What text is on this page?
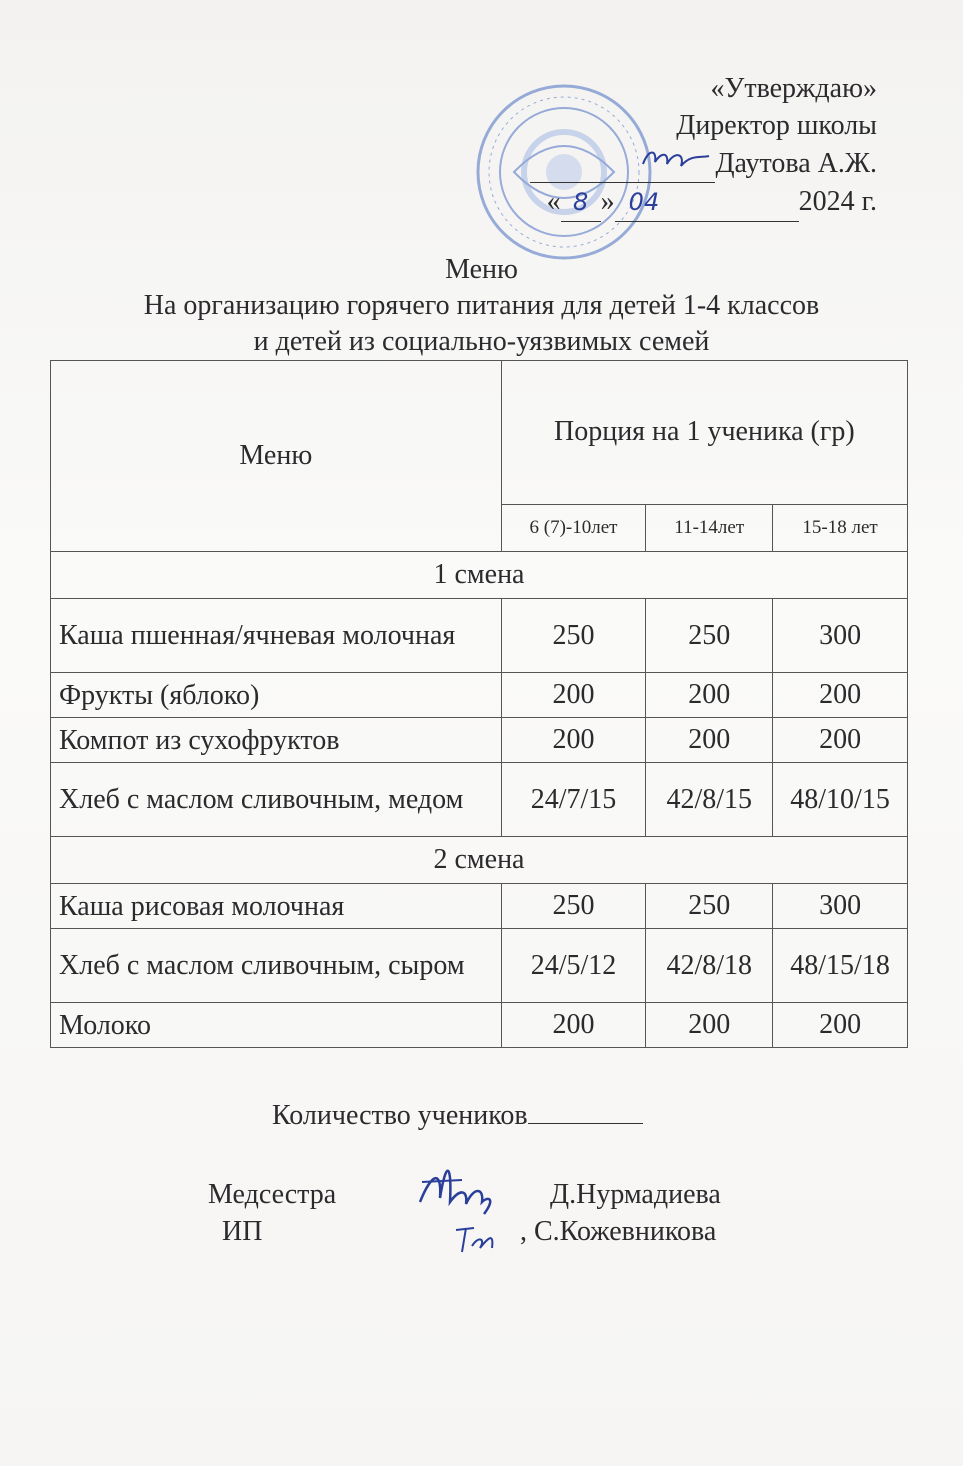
«Утверждаю»
Директор школы
Даутова А.Ж.
« 8 » 04	2024 г.
Меню
На организацию горячего питания для детей 1-4 классов
и детей из социально-уязвимых семей
Меню	Порция на 1 ученика (гр)		
	6 (7)-10лет	11-14лет	15-18 лет
1 смена			
Каша пшенная/ячневая молочная	250	250	300
Фрукты (яблоко)	200	200	200
Компот из сухофруктов	200	200	200
Хлеб с маслом сливочным, медом	24/7/15	42/8/15	48/10/15
2 смена			
Каша рисовая молочная	250	250	300
Хлеб с маслом сливочным, сыром	24/5/12	42/8/18	48/15/18
Молоко	200	200	200
Количество учеников
Медсестра
ИП
Д.Нурмадиева
, С.Кожевникова
